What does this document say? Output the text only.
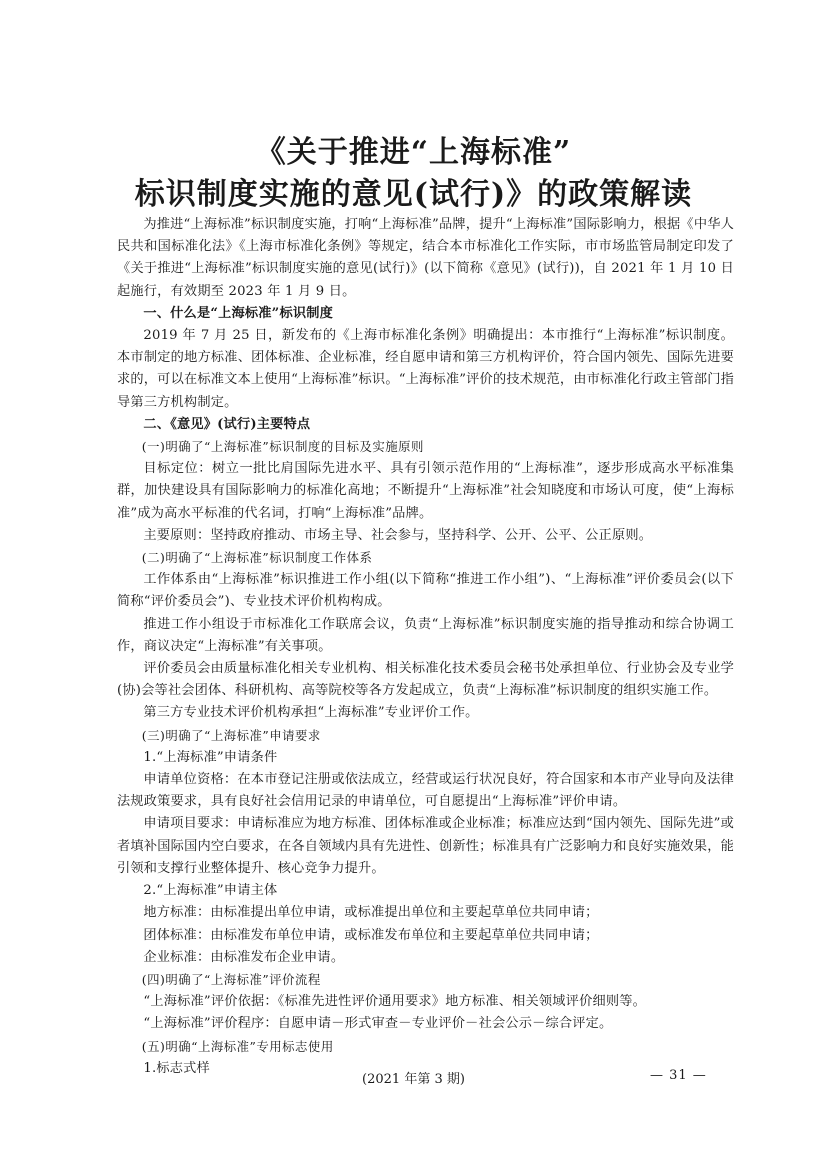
《关于推进“上海标准”
标识制度实施的意见(试行)》的政策解读

为推进“上海标准”标识制度实施，打响“上海标准”品牌，提升“上海标准”国际影响力，根据《中华人民共和国标准化法》《上海市标准化条例》等规定，结合本市标准化工作实际，市市场监管局制定印发了《关于推进“上海标准”标识制度实施的意见(试行)》(以下简称《意见》(试行))，自 2021 年 1 月 10 日起施行，有效期至 2023 年 1 月 9 日。

一、什么是“上海标准”标识制度

2019 年 7 月 25 日，新发布的《上海市标准化条例》明确提出：本市推行“上海标准”标识制度。本市制定的地方标准、团体标准、企业标准，经自愿申请和第三方机构评价，符合国内领先、国际先进要求的，可以在标准文本上使用“上海标准”标识。“上海标准”评价的技术规范，由市标准化行政主管部门指导第三方机构制定。

二、《意见》(试行)主要特点

(一)明确了“上海标准”标识制度的目标及实施原则

目标定位：树立一批比肩国际先进水平、具有引领示范作用的“上海标准”，逐步形成高水平标准集群，加快建设具有国际影响力的标准化高地；不断提升“上海标准”社会知晓度和市场认可度，使“上海标准”成为高水平标准的代名词，打响“上海标准”品牌。

主要原则：坚持政府推动、市场主导、社会参与，坚持科学、公开、公平、公正原则。

(二)明确了“上海标准”标识制度工作体系

工作体系由“上海标准”标识推进工作小组(以下简称“推进工作小组”)、“上海标准”评价委员会(以下简称“评价委员会”)、专业技术评价机构构成。

推进工作小组设于市标准化工作联席会议，负责“上海标准”标识制度实施的指导推动和综合协调工作，商议决定“上海标准”有关事项。

评价委员会由质量标准化相关专业机构、相关标准化技术委员会秘书处承担单位、行业协会及专业学(协)会等社会团体、科研机构、高等院校等各方发起成立，负责“上海标准”标识制度的组织实施工作。

第三方专业技术评价机构承担“上海标准”专业评价工作。

(三)明确了“上海标准”申请要求

1.“上海标准”申请条件

申请单位资格：在本市登记注册或依法成立，经营或运行状况良好，符合国家和本市产业导向及法律法规政策要求，具有良好社会信用记录的申请单位，可自愿提出“上海标准”评价申请。

申请项目要求：申请标准应为地方标准、团体标准或企业标准；标准应达到“国内领先、国际先进”或者填补国际国内空白要求，在各自领域内具有先进性、创新性；标准具有广泛影响力和良好实施效果，能引领和支撑行业整体提升、核心竞争力提升。

2.“上海标准”申请主体

地方标准：由标准提出单位申请，或标准提出单位和主要起草单位共同申请；

团体标准：由标准发布单位申请，或标准发布单位和主要起草单位共同申请；

企业标准：由标准发布企业申请。

(四)明确了“上海标准”评价流程

“上海标准”评价依据：《标准先进性评价通用要求》地方标准、相关领域评价细则等。

“上海标准”评价程序：自愿申请－形式审查－专业评价－社会公示－综合评定。

(五)明确“上海标准”专用标志使用

1.标志式样

(2021 年第 3 期)	— 31 —
